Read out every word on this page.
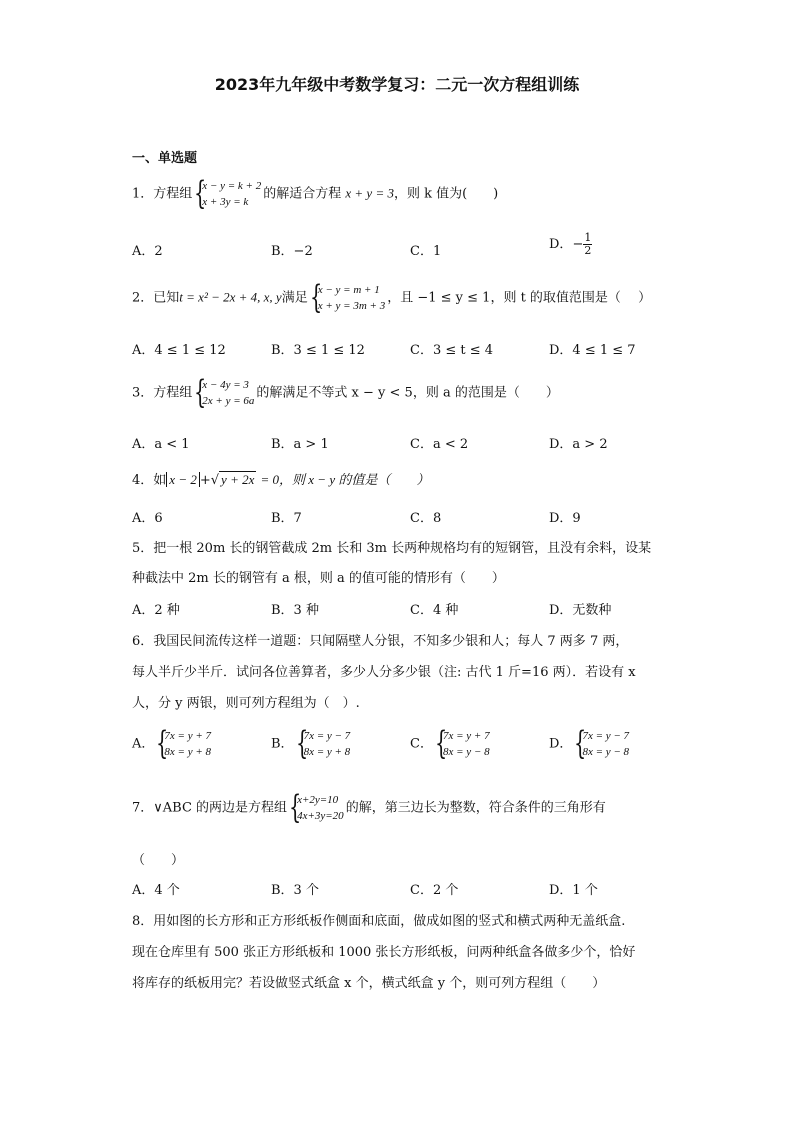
2023年九年级中考数学复习：二元一次方程组训练
一、单选题
1．方程组 {
x − y = k + 2
x + 3y = k
的解适合方程 x + y = 3，则 k 值为(　　)
A．2	B．−2	C．1	D．− $\frac{1}{2}$
2．已知t = x² − 2x + 4, x, y满足 {
x − y = m + 1
x + y = 3m + 3
，且 −1 ≤ y ≤ 1，则 t 的取值范围是（　 ）
A．4 ≤ 1 ≤ 12	B．3 ≤ 1 ≤ 12	C．3 ≤ t ≤ 4	D．4 ≤ 1 ≤ 7
3．方程组 {
x − 4y = 3
2x + y = 6a
的解满足不等式 x − y < 5，则 a 的范围是（　　）
A．a < 1	B．a > 1	C．a < 2	D．a > 2
4．如 x − 2 +√ y + 2x = 0，则 x − y 的值是（　　）
A．6	B．7	C．8	D．9
5．把一根 20m 长的钢管截成 2m 长和 3m 长两种规格均有的短钢管，且没有余料，设某
种截法中 2m 长的钢管有 a 根，则 a 的值可能的情形有（　　）
A．2 种	B．3 种	C．4 种	D．无数种
6．我国民间流传这样一道题：只闻隔壁人分银，不知多少银和人；每人 7 两多 7 两，
每人半斤少半斤．试问各位善算者，多少人分多少银（注: 古代 1 斤=16 两）．若设有 x
人，分 y 两银，则可列方程组为（　）.
A． {
7x = y + 7
8x = y + 8
B． {
7x = y − 7
8x = y + 8
C． {
7x = y + 7
8x = y − 8
D． {
7x = y − 7
8x = y − 8
7．∨ABC 的两边是方程组 {
x+2y=10
4x+3y=20
的解，第三边长为整数，符合条件的三角形有
（　　）
A．4 个	B．3 个	C．2 个	D．1 个
8．用如图的长方形和正方形纸板作侧面和底面，做成如图的竖式和横式两种无盖纸盒.
现在仓库里有 500 张正方形纸板和 1000 张长方形纸板，问两种纸盒各做多少个，恰好
将库存的纸板用完？若设做竖式纸盒 x 个，横式纸盒 y 个，则可列方程组（　　）
